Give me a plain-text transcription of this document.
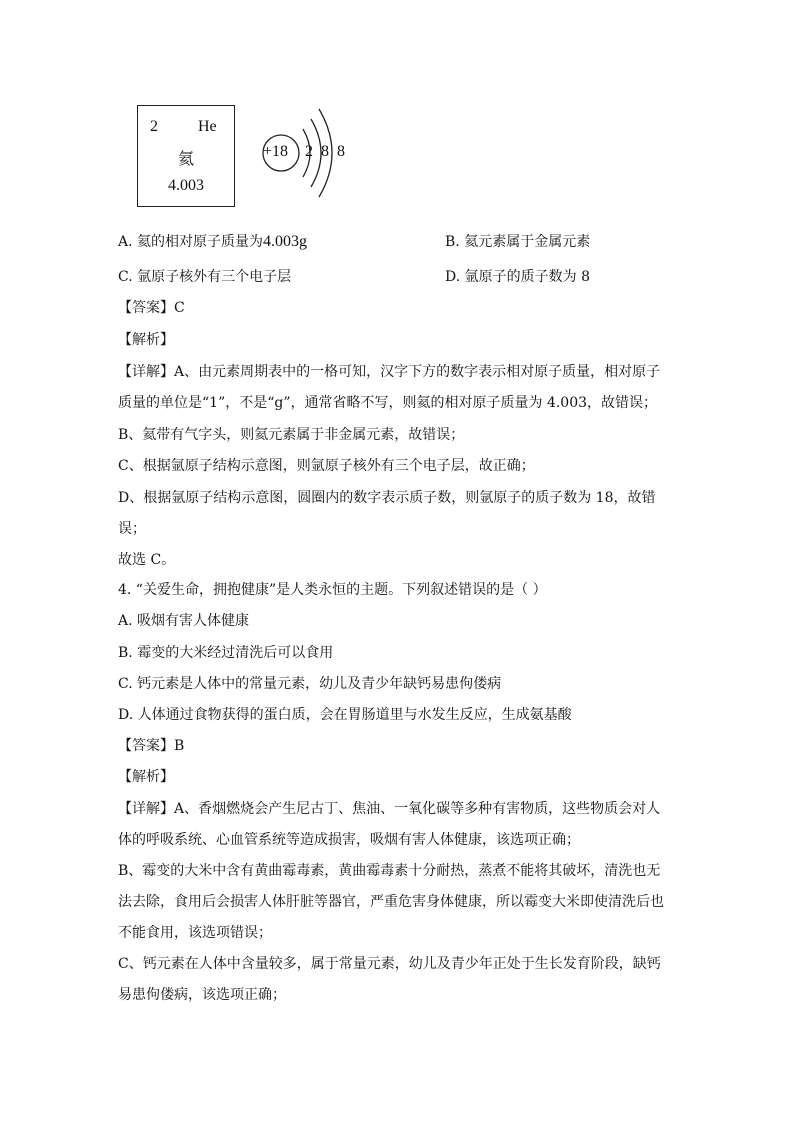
2	He
氦
4.003
+18 2 8 8
A. 氦的相对原子质量为4.003g	B. 氦元素属于金属元素
C. 氩原子核外有三个电子层	D. 氩原子的质子数为 8
【答案】C
【解析】
【详解】A、由元素周期表中的一格可知，汉字下方的数字表示相对原子质量，相对原子
质量的单位是“1”，不是“g”，通常省略不写，则氦的相对原子质量为 4.003，故错误；
B、氦带有气字头，则氦元素属于非金属元素，故错误；
C、根据氩原子结构示意图，则氩原子核外有三个电子层，故正确；
D、根据氩原子结构示意图，圆圈内的数字表示质子数，则氩原子的质子数为 18，故错
误；
故选 C。
4. “关爱生命，拥抱健康”是人类永恒的主题。下列叙述错误的是（ ）
A. 吸烟有害人体健康
B. 霉变的大米经过清洗后可以食用
C. 钙元素是人体中的常量元素，幼儿及青少年缺钙易患佝偻病
D. 人体通过食物获得的蛋白质，会在胃肠道里与水发生反应，生成氨基酸
【答案】B
【解析】
【详解】A、香烟燃烧会产生尼古丁、焦油、一氧化碳等多种有害物质，这些物质会对人
体的呼吸系统、心血管系统等造成损害，吸烟有害人体健康，该选项正确；
B、霉变的大米中含有黄曲霉毒素，黄曲霉毒素十分耐热，蒸煮不能将其破坏，清洗也无
法去除，食用后会损害人体肝脏等器官，严重危害身体健康，所以霉变大米即使清洗后也
不能食用，该选项错误；
C、钙元素在人体中含量较多，属于常量元素，幼儿及青少年正处于生长发育阶段，缺钙
易患佝偻病，该选项正确；
